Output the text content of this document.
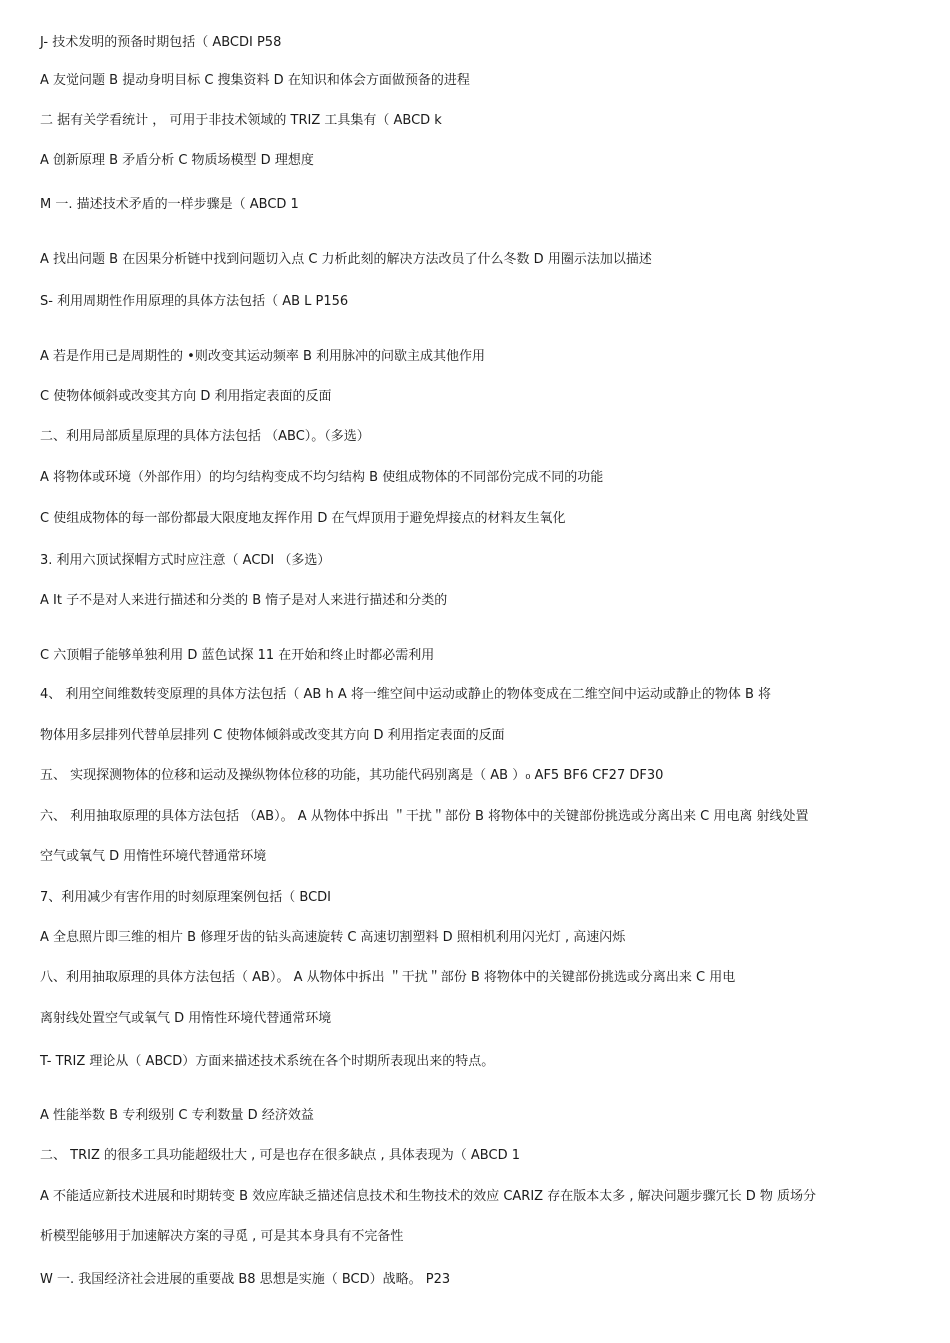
J- 技术发明的预备时期包括（ ABCDI P58
A 友觉问题 B 提动身明目标 C 搜集资料 D 在知识和体会方面做预备的进程
二 据有关学看统计 ， 可用于非技术领域的 TRIZ 工具集有（ ABCD k
A 创新原理 B 矛盾分析 C 物质场模型 D 理想度
M 一. 描述技术矛盾的一样步骤是（ ABCD 1
A 找出问题 B 在因果分析链中找到问题切入点 C 力析此刻的解决方法改员了什么冬数 D 用圈示法加以描述
S- 利用周期性作用原理的具体方法包括（ AB L P156
A 若是作用已是周期性的 •则改变其运动频率 B 利用脉冲的问歇主成其他作用
C 使物体倾斜或改变其方向 D 利用指定表面的反面
二、利用局部质星原理的具体方法包括 （ABC）。（多选）
A 将物体或环境（外部作用）的均匀结构变成不均匀结构 B 使组成物体的不同部份完成不同的功能
C 使组成物体的每一部份都最大限度地友挥作用 D 在气焊顶用于避免焊接点的材料友生氧化
3. 利用六顶试探帽方式时应注意（ ACDI （多选）
A It 子不是对人来进行描述和分类的 B 惰子是对人来进行描述和分类的
C 六顶帽子能够单独利用 D 蓝色试探 11 在开始和终止时都必需利用
4、 利用空间维数转变原理的具体方法包括（ AB h A 将一维空间中运动或静止的物体变成在二维空间中运动或静止的物体 B 将
物体用多层排列代替单层排列 C 使物体倾斜或改变其方向 D 利用指定表面的反面
五、 实现探测物体的位移和运动及操纵物体位移的功能，其功能代码别离是（ AB ）₀ AF5 BF6 CF27 DF30
六、 利用抽取原理的具体方法包括 （AB）。 A 从物体中拆出 ＂干扰＂部份 B 将物体中的关键部份挑选或分离出来 C 用电离 射线处置
空气或氧气 D 用惰性环境代替通常环境
7、利用减少有害作用的时刻原理案例包括（ BCDI
A 全息照片即三维的相片 B 修理牙齿的钻头高速旋转 C 高速切割塑料 D 照相机利用闪光灯 , 高速闪烁
八、利用抽取原理的具体方法包括（ AB）。 A 从物体中拆出 ＂干扰＂部份 B 将物体中的关键部份挑选或分离出来 C 用电
离射线处置空气或氧气 D 用惰性环境代替通常环境
T- TRIZ 理论从（ ABCD）方面来描述技术系统在各个时期所表现出来的特点。
A 性能举数 B 专利级别 C 专利数量 D 经济效益
二、 TRIZ 的很多工具功能超级壮大 , 可是也存在很多缺点 , 具体表现为（ ABCD 1
A 不能适应新技术进展和时期转变 B 效应库缺乏描述信息技术和生物技术的效应 CARIZ 存在版本太多 , 解决问题步骤冗长 D 物 质场分
析模型能够用于加速解决方案的寻觅 , 可是其本身具有不完备性
W 一. 我国经济社会进展的重要战 B8 思想是实施（ BCD）战略。 P23
